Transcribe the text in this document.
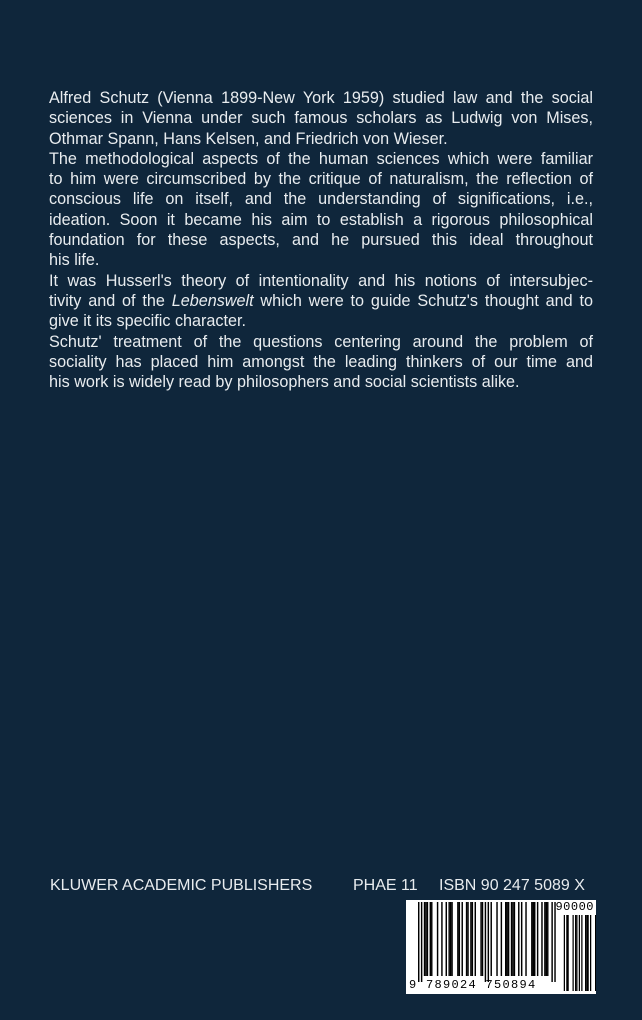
Alfred Schutz (Vienna 1899-New York 1959) studied law and the social
sciences in Vienna under such famous scholars as Ludwig von Mises,
Othmar Spann, Hans Kelsen, and Friedrich von Wieser.
The methodological aspects of the human sciences which were familiar
to him were circumscribed by the critique of naturalism, the reflection of
conscious life on itself, and the understanding of significations, i.e.,
ideation. Soon it became his aim to establish a rigorous philosophical
foundation for these aspects, and he pursued this ideal throughout
his life.
It was Husserl's theory of intentionality and his notions of intersubjec-
tivity and of the Lebenswelt which were to guide Schutz's thought and to
give it its specific character.
Schutz' treatment of the questions centering around the problem of
sociality has placed him amongst the leading thinkers of our time and
his work is widely read by philosophers and social scientists alike.
KLUWER ACADEMIC PUBLISHERS	PHAE 11 ISBN 90 247 5089 X
90000
9 789024 750894
